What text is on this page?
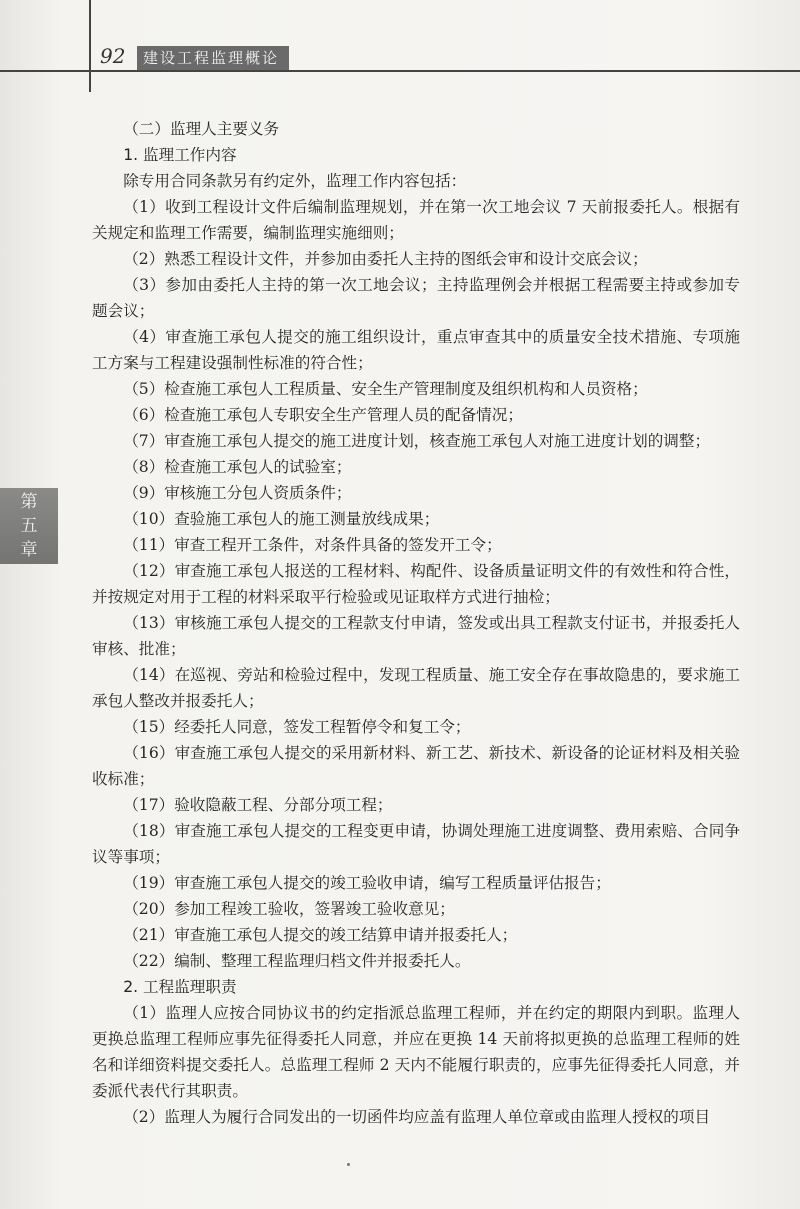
92	建设工程监理概论
第五章

（二）监理人主要义务

1. 监理工作内容

除专用合同条款另有约定外，监理工作内容包括：

（1）收到工程设计文件后编制监理规划，并在第一次工地会议 7 天前报委托人。根据有关规定和监理工作需要，编制监理实施细则；

（2）熟悉工程设计文件，并参加由委托人主持的图纸会审和设计交底会议；

（3）参加由委托人主持的第一次工地会议；主持监理例会并根据工程需要主持或参加专题会议；

（4）审查施工承包人提交的施工组织设计，重点审查其中的质量安全技术措施、专项施工方案与工程建设强制性标准的符合性；

（5）检查施工承包人工程质量、安全生产管理制度及组织机构和人员资格；

（6）检查施工承包人专职安全生产管理人员的配备情况；

（7）审查施工承包人提交的施工进度计划，核查施工承包人对施工进度计划的调整；

（8）检查施工承包人的试验室；

（9）审核施工分包人资质条件；

（10）查验施工承包人的施工测量放线成果；

（11）审查工程开工条件，对条件具备的签发开工令；

（12）审查施工承包人报送的工程材料、构配件、设备质量证明文件的有效性和符合性，并按规定对用于工程的材料采取平行检验或见证取样方式进行抽检；

（13）审核施工承包人提交的工程款支付申请，签发或出具工程款支付证书，并报委托人审核、批准；

（14）在巡视、旁站和检验过程中，发现工程质量、施工安全存在事故隐患的，要求施工承包人整改并报委托人；

（15）经委托人同意，签发工程暂停令和复工令；

（16）审查施工承包人提交的采用新材料、新工艺、新技术、新设备的论证材料及相关验收标准；

（17）验收隐蔽工程、分部分项工程；

（18）审查施工承包人提交的工程变更申请，协调处理施工进度调整、费用索赔、合同争议等事项；

（19）审查施工承包人提交的竣工验收申请，编写工程质量评估报告；

（20）参加工程竣工验收，签署竣工验收意见；

（21）审查施工承包人提交的竣工结算申请并报委托人；

（22）编制、整理工程监理归档文件并报委托人。

2. 工程监理职责

（1）监理人应按合同协议书的约定指派总监理工程师，并在约定的期限内到职。监理人更换总监理工程师应事先征得委托人同意，并应在更换 14 天前将拟更换的总监理工程师的姓名和详细资料提交委托人。总监理工程师 2 天内不能履行职责的，应事先征得委托人同意，并委派代表代行其职责。

（2）监理人为履行合同发出的一切函件均应盖有监理人单位章或由监理人授权的项目
